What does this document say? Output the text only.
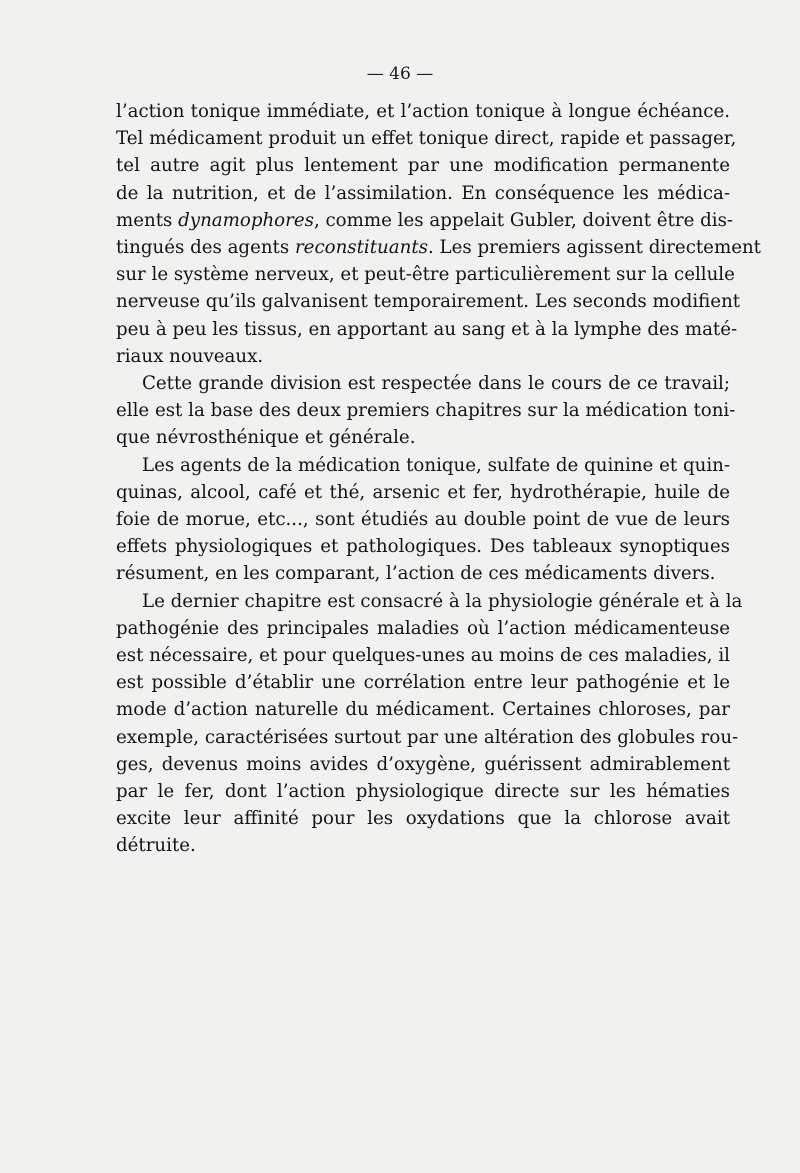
— 46 —

l’action tonique immédiate, et l’action tonique à longue échéance.
Tel médicament produit un effet tonique direct, rapide et passager,
tel autre agit plus lentement par une modification permanente
de la nutrition, et de l’assimilation. En conséquence les médica-
ments dynamophores, comme les appelait Gubler, doivent être dis-
tingués des agents reconstituants. Les premiers agissent directement
sur le système nerveux, et peut-être particulièrement sur la cellule
nerveuse qu’ils galvanisent temporairement. Les seconds modifient
peu à peu les tissus, en apportant au sang et à la lymphe des maté-
riaux nouveaux.

Cette grande division est respectée dans le cours de ce travail;
elle est la base des deux premiers chapitres sur la médication toni-
que névrosthénique et générale.

Les agents de la médication tonique, sulfate de quinine et quin-
quinas, alcool, café et thé, arsenic et fer, hydrothérapie, huile de
foie de morue, etc..., sont étudiés au double point de vue de leurs
effets physiologiques et pathologiques. Des tableaux synoptiques
résument, en les comparant, l’action de ces médicaments divers.

Le dernier chapitre est consacré à la physiologie générale et à la
pathogénie des principales maladies où l’action médicamenteuse
est nécessaire, et pour quelques-unes au moins de ces maladies, il
est possible d’établir une corrélation entre leur pathogénie et le
mode d’action naturelle du médicament. Certaines chloroses, par
exemple, caractérisées surtout par une altération des globules rou-
ges, devenus moins avides d’oxygène, guérissent admirablement
par le fer, dont l’action physiologique directe sur les hématies
excite leur affinité pour les oxydations que la chlorose avait
détruite.
